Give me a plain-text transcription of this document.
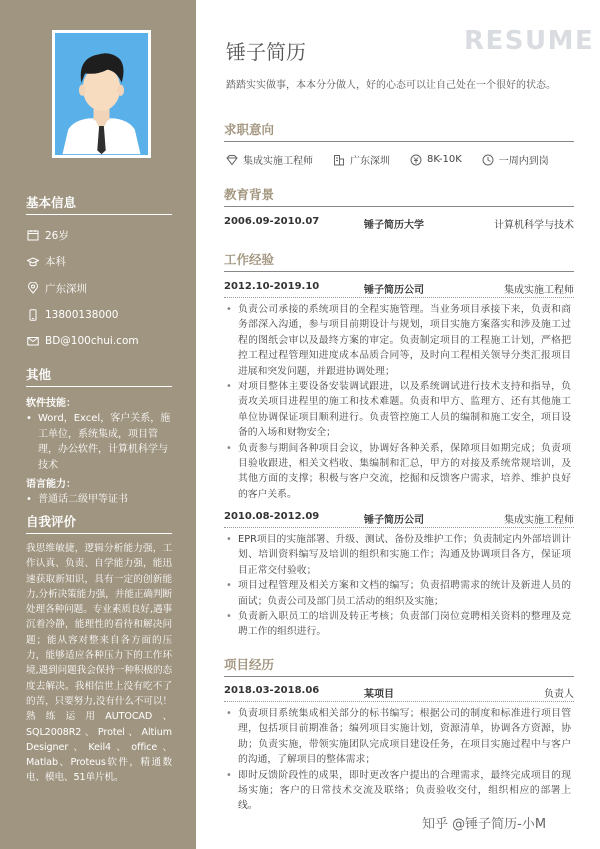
基本信息
26岁
本科
广东深圳
13800138000
BD@100chui.com
其他
软件技能：
• Word，Excel，客户关系，施工单位，系统集成，项目管理，办公软件，计算机科学与技术
语言能力：
• 普通话二级甲等证书
自我评价
我思维敏捷，逻辑分析能力强，工作认真、负责、自学能力强，能迅速获取新知识，具有一定的创新能力,分析决策能力强，并能正确判断处理各种问题。专业素质良好,遇事沉着冷静，能理性的看待和解决问题；能从容对整来自各方面的压力，能够适应各种压力下的工作环境,遇到问题我会保持一种积极的态度去解决。我相信世上没有吃不了的苦，只要努力,没有什么不可以！熟练运用AUTOCAD、SQL2008R2、Protel、Altium Designer、Keil4、office、Matlab、Proteus软件，精通数电、模电、51单片机。
锤子简历	RESUME
踏踏实实做事，本本分分做人，好的心态可以让自己处在一个很好的状态。
求职意向
集成实施工程师	广东深圳	8K-10K	一周内到岗
教育背景
2006.09-2010.07	锤子简历大学	计算机科学与技术
工作经验
2012.10-2019.10	锤子简历公司	集成实施工程师
• 负责公司承接的系统项目的全程实施管理。当业务项目承接下来，负责和商务部深入沟通，参与项目前期设计与规划，项目实施方案落实和涉及施工过程的图纸会审以及最终方案的审定。负责制定项目的工程施工计划，严格把控工程过程管理知进度成本品质合同等，及时向工程相关领导分类汇报项目进展和突发问题，并跟进协调处理；
• 对项目整体主要设备安装调试跟进，以及系统调试进行技术支持和指导，负责攻关项目进程里的施工和技术难题。负责和甲方、监理方、还有其他施工单位协调保证项目顺利进行。负责管控施工人员的编制和施工安全，项目设备的入场和财物安全；
• 负责参与期间各种项目会议，协调好各种关系，保障项目如期完成；负责项目验收跟进，相关文档收、集编制和汇总，甲方的对接及系统常规培训，及其他方面的支撑；积极与客户交流，挖掘和反馈客户需求，培养、维护良好的客户关系。
2010.08-2012.09	锤子简历公司	集成实施工程师
• EPR项目的实施部署、升级、测试、备份及维护工作；负责制定内外部培训计划、培训资料编写及培训的组织和实施工作；沟通及协调项目各方，保证项目正常交付验收；
• 项目过程管理及相关方案和文档的编写；负责招聘需求的统计及新进人员的面试；负责公司及部门员工活动的组织及实施；
• 负责新入职员工的培训及转正考核；负责部门岗位竞聘相关资料的整理及竞聘工作的组织进行。
项目经历
2018.03-2018.06	某项目	负责人
• 负责项目系统集成相关部分的标书编写；根据公司的制度和标准进行项目管理，包括项目前期准备；编列项目实施计划，资源清单，协调各方资源，协助；负责实施，带领实施团队完成项目建设任务，在项目实施过程中与客户的沟通，了解项目的整体需求；
• 即时反馈阶段性的成果，即时更改客户提出的合理需求，最终完成项目的现场实施；客户的日常技术交流及联络；负责验收交付，组织相应的部署上线。
知乎 @锤子简历-小M
